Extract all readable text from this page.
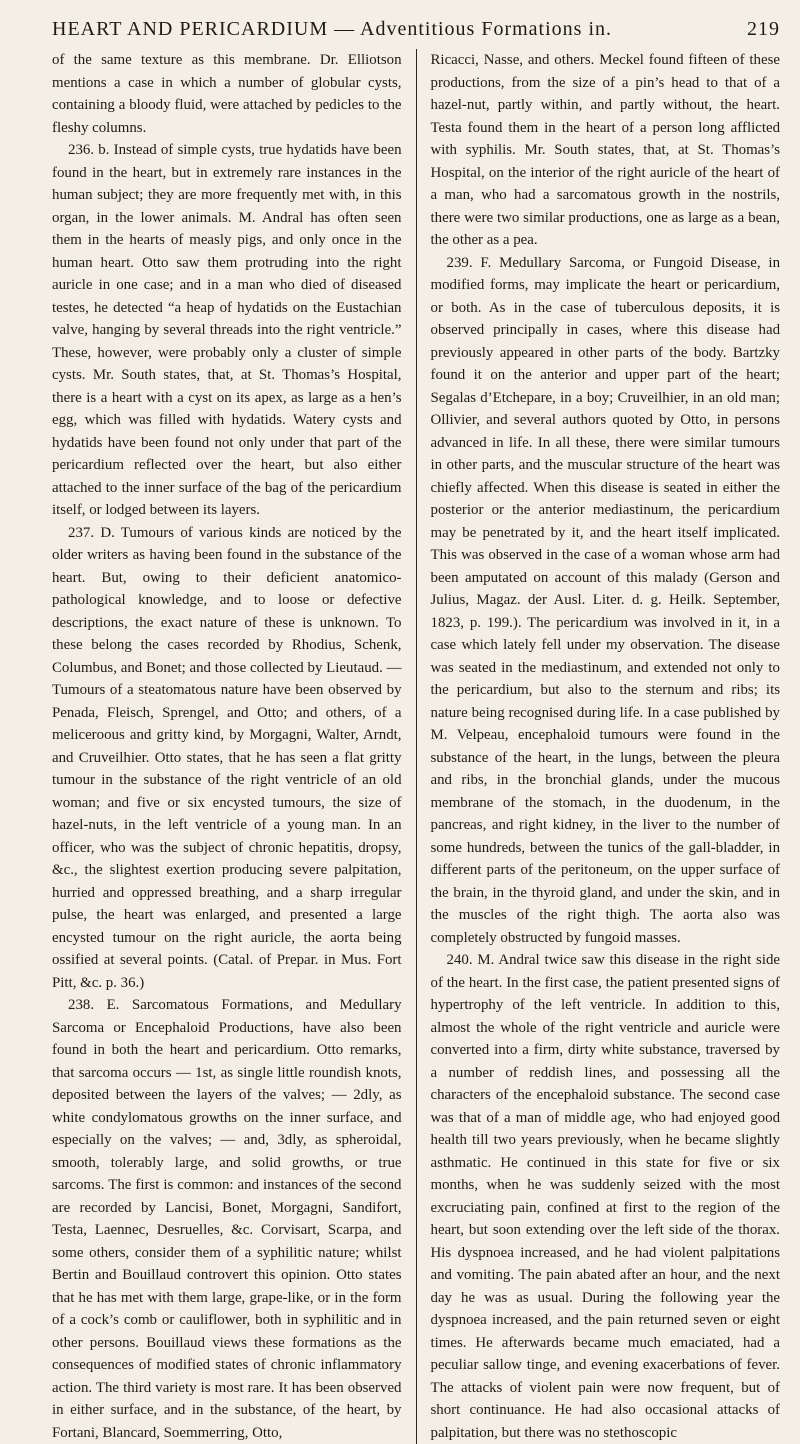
HEART AND PERICARDIUM — Adventitious Formations in.	219

of the same texture as this membrane. Dr. Elliotson mentions a case in which a number of globular cysts, containing a bloody fluid, were attached by pedicles to the fleshy columns.

236. b. Instead of simple cysts, true hydatids have been found in the heart, but in extremely rare instances in the human subject; they are more frequently met with, in this organ, in the lower animals. M. Andral has often seen them in the hearts of measly pigs, and only once in the human heart. Otto saw them protruding into the right auricle in one case; and in a man who died of diseased testes, he detected “a heap of hydatids on the Eustachian valve, hanging by several threads into the right ventricle.” These, however, were probably only a cluster of simple cysts. Mr. South states, that, at St. Thomas’s Hospital, there is a heart with a cyst on its apex, as large as a hen’s egg, which was filled with hydatids. Watery cysts and hydatids have been found not only under that part of the pericardium reflected over the heart, but also either attached to the inner surface of the bag of the pericardium itself, or lodged between its layers.

237. D. Tumours of various kinds are noticed by the older writers as having been found in the substance of the heart. But, owing to their deficient anatomico-pathological knowledge, and to loose or defective descriptions, the exact nature of these is unknown. To these belong the cases recorded by Rhodius, Schenk, Columbus, and Bonet; and those collected by Lieutaud. — Tumours of a steatomatous nature have been observed by Penada, Fleisch, Sprengel, and Otto; and others, of a meliceroous and gritty kind, by Morgagni, Walter, Arndt, and Cruveilhier. Otto states, that he has seen a flat gritty tumour in the substance of the right ventricle of an old woman; and five or six encysted tumours, the size of hazel-nuts, in the left ventricle of a young man. In an officer, who was the subject of chronic hepatitis, dropsy, &c., the slightest exertion producing severe palpitation, hurried and oppressed breathing, and a sharp irregular pulse, the heart was enlarged, and presented a large encysted tumour on the right auricle, the aorta being ossified at several points. (Catal. of Prepar. in Mus. Fort Pitt, &c. p. 36.)

238. E. Sarcomatous Formations, and Medullary Sarcoma or Encephaloid Productions, have also been found in both the heart and pericardium. Otto remarks, that sarcoma occurs — 1st, as single little roundish knots, deposited between the layers of the valves; — 2dly, as white condylomatous growths on the inner surface, and especially on the valves; — and, 3dly, as spheroidal, smooth, tolerably large, and solid growths, or true sarcoms. The first is common: and instances of the second are recorded by Lancisi, Bonet, Morgagni, Sandifort, Testa, Laennec, Desruelles, &c. Corvisart, Scarpa, and some others, consider them of a syphilitic nature; whilst Bertin and Bouillaud controvert this opinion. Otto states that he has met with them large, grape-like, or in the form of a cock’s comb or cauliflower, both in syphilitic and in other persons. Bouillaud views these formations as the consequences of modified states of chronic inflammatory action. The third variety is most rare. It has been observed in either surface, and in the substance, of the heart, by Fortani, Blancard, Soemmerring, Otto,

Ricacci, Nasse, and others. Meckel found fifteen of these productions, from the size of a pin’s head to that of a hazel-nut, partly within, and partly without, the heart. Testa found them in the heart of a person long afflicted with syphilis. Mr. South states, that, at St. Thomas’s Hospital, on the interior of the right auricle of the heart of a man, who had a sarcomatous growth in the nostrils, there were two similar productions, one as large as a bean, the other as a pea.

239. F. Medullary Sarcoma, or Fungoid Disease, in modified forms, may implicate the heart or pericardium, or both. As in the case of tuberculous deposits, it is observed principally in cases, where this disease had previously appeared in other parts of the body. Bartzky found it on the anterior and upper part of the heart; Segalas d’Etchepare, in a boy; Cruveilhier, in an old man; Ollivier, and several authors quoted by Otto, in persons advanced in life. In all these, there were similar tumours in other parts, and the muscular structure of the heart was chiefly affected. When this disease is seated in either the posterior or the anterior mediastinum, the pericardium may be penetrated by it, and the heart itself implicated. This was observed in the case of a woman whose arm had been amputated on account of this malady (Gerson and Julius, Magaz. der Ausl. Liter. d. g. Heilk. September, 1823, p. 199.). The pericardium was involved in it, in a case which lately fell under my observation. The disease was seated in the mediastinum, and extended not only to the pericardium, but also to the sternum and ribs; its nature being recognised during life. In a case published by M. Velpeau, encephaloid tumours were found in the substance of the heart, in the lungs, between the pleura and ribs, in the bronchial glands, under the mucous membrane of the stomach, in the duodenum, in the pancreas, and right kidney, in the liver to the number of some hundreds, between the tunics of the gall-bladder, in different parts of the peritoneum, on the upper surface of the brain, in the thyroid gland, and under the skin, and in the muscles of the right thigh. The aorta also was completely obstructed by fungoid masses.

240. M. Andral twice saw this disease in the right side of the heart. In the first case, the patient presented signs of hypertrophy of the left ventricle. In addition to this, almost the whole of the right ventricle and auricle were converted into a firm, dirty white substance, traversed by a number of reddish lines, and possessing all the characters of the encephaloid substance. The second case was that of a man of middle age, who had enjoyed good health till two years previously, when he became slightly asthmatic. He continued in this state for five or six months, when he was suddenly seized with the most excruciating pain, confined at first to the region of the heart, but soon extending over the left side of the thorax. His dyspnoea increased, and he had violent palpitations and vomiting. The pain abated after an hour, and the next day he was as usual. During the following year the dyspnoea increased, and the pain returned seven or eight times. He afterwards became much emaciated, had a peculiar sallow tinge, and evening exacerbations of fever. The attacks of violent pain were now frequent, but of short continuance. He had also occasional attacks of palpitation, but there was no stethoscopic
